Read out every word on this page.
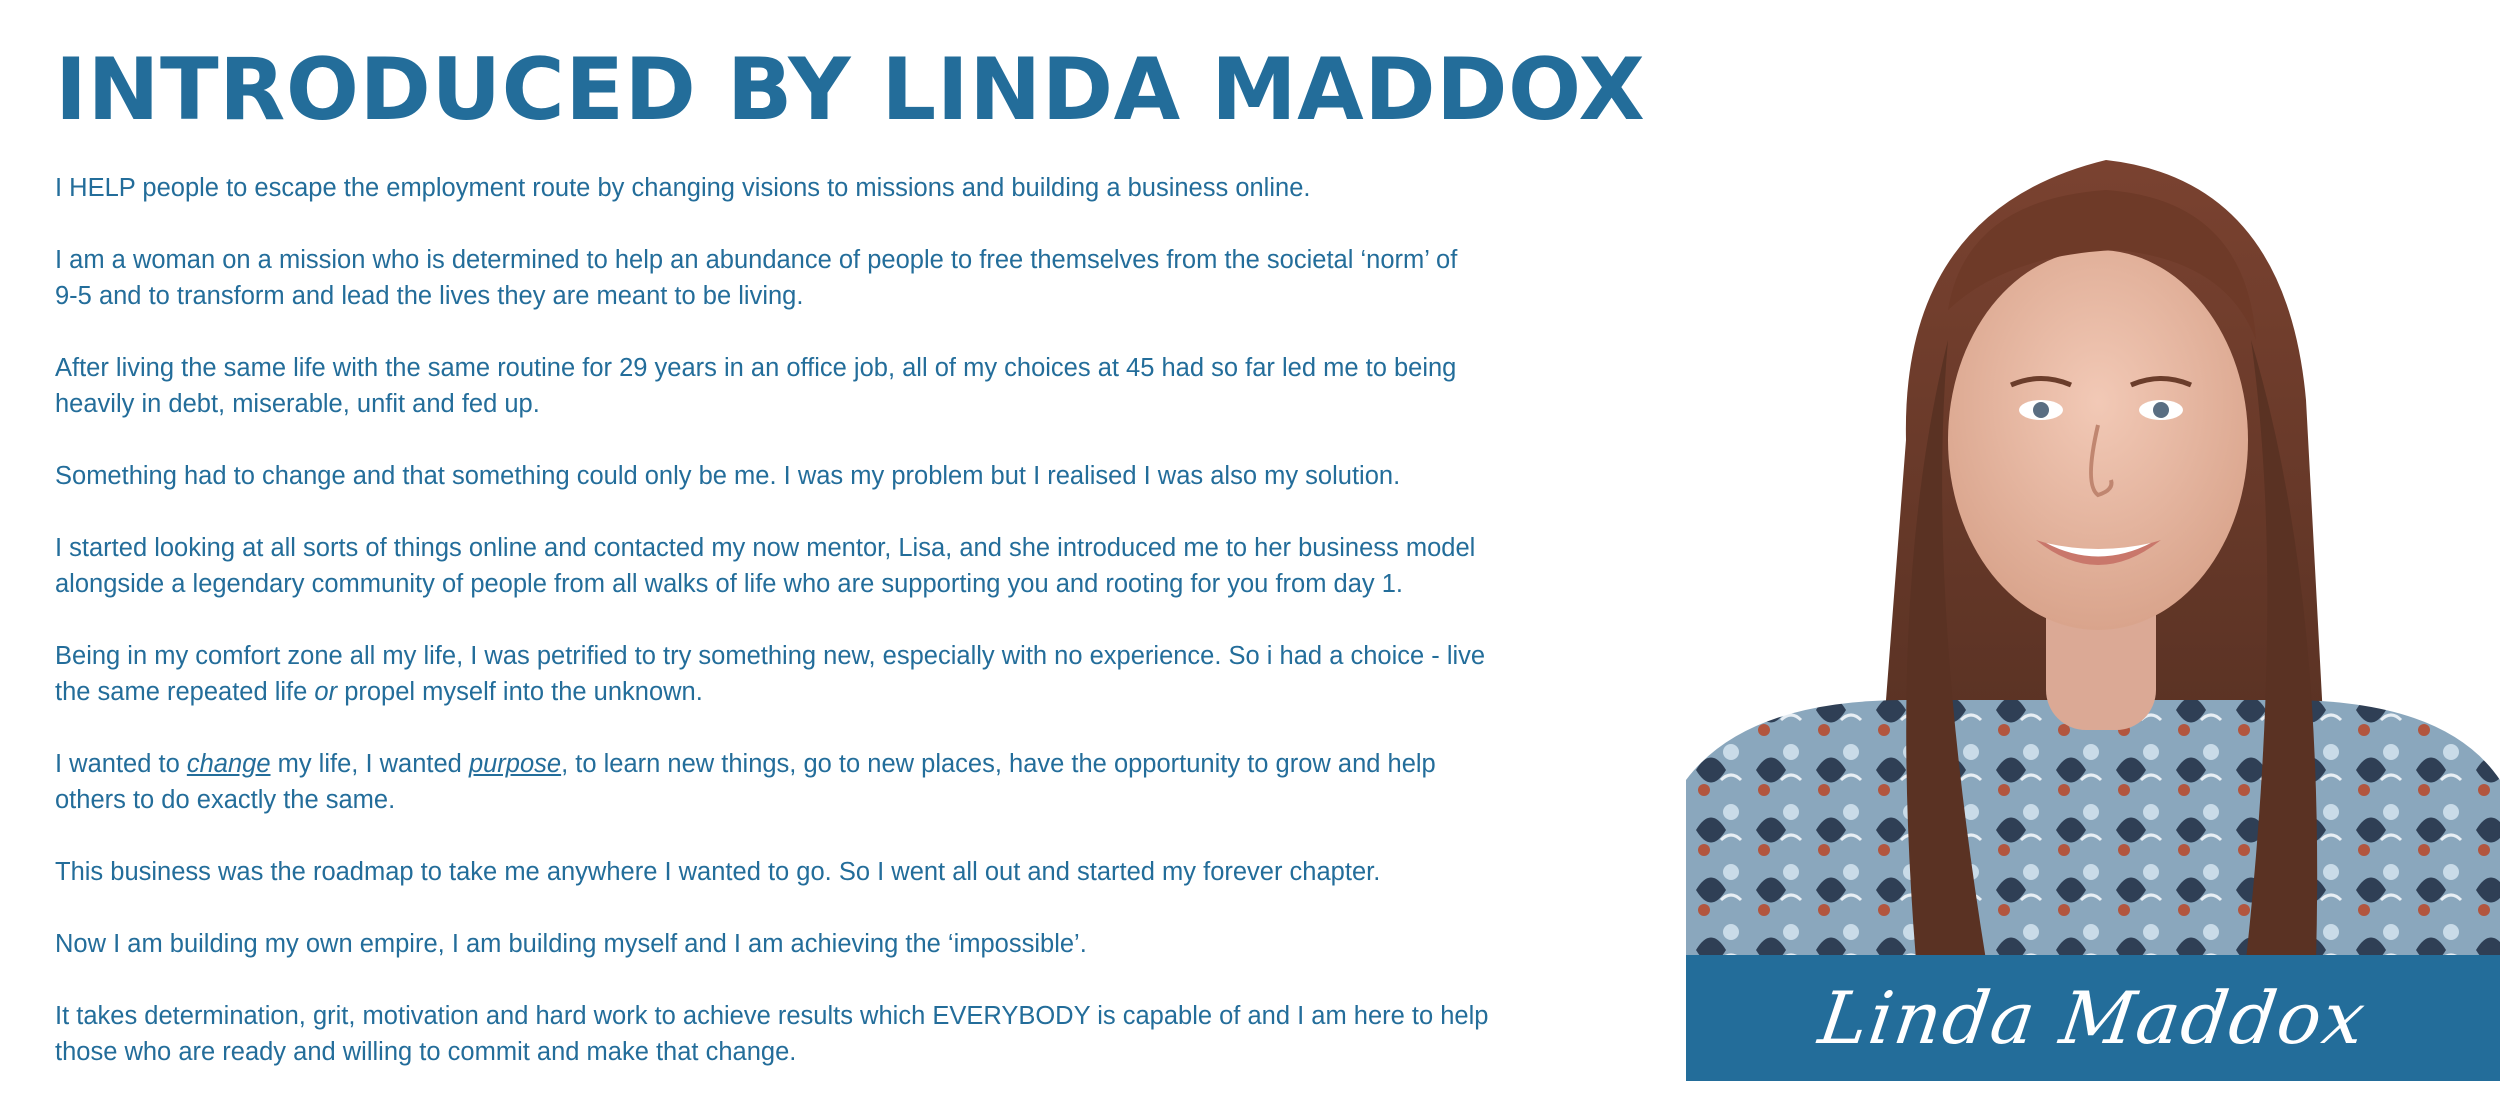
INTRODUCED BY LINDA MADDOX

I HELP people to escape the employment route by changing visions to missions and building a business online.

I am a woman on a mission who is determined to help an abundance of people to free themselves from the societal ‘norm’ of
9-5 and to transform and lead the lives they are meant to be living.

After living the same life with the same routine for 29 years in an office job, all of my choices at 45 had so far led me to being
heavily in debt, miserable, unfit and fed up.

Something had to change and that something could only be me. I was my problem but I realised I was also my solution.

I started looking at all sorts of things online and contacted my now mentor, Lisa, and she introduced me to her business model
alongside a legendary community of people from all walks of life who are supporting you and rooting for you from day 1.

Being in my comfort zone all my life, I was petrified to try something new, especially with no experience. So i had a choice - live
the same repeated life or propel myself into the unknown.

I wanted to change my life, I wanted purpose, to learn new things, go to new places, have the opportunity to grow and help
others to do exactly the same.

This business was the roadmap to take me anywhere I wanted to go. So I went all out and started my forever chapter.

Now I am building my own empire, I am building myself and I am achieving the ‘impossible’.

It takes determination, grit, motivation and hard work to achieve results which EVERYBODY is capable of and I am here to help
those who are ready and willing to commit and make that change.	Linda Maddox
